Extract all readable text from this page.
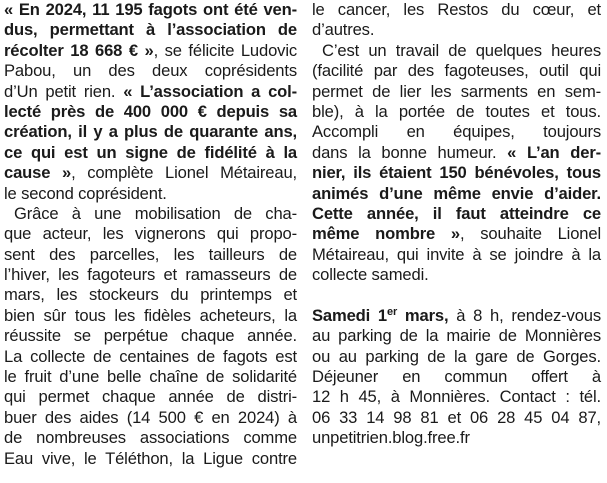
« En 2024, 11 195 fagots ont été ven-
dus, permettant à l’association de
récolter 18 668 € », se félicite Ludovic
Pabou, un des deux coprésidents
d’Un petit rien. « L’association a col-
lecté près de 400 000 € depuis sa
création, il y a plus de quarante ans,
ce qui est un signe de fidélité à la
cause », complète Lionel Métaireau,
le second coprésident.
Grâce à une mobilisation de cha-
que acteur, les vignerons qui propo-
sent des parcelles, les tailleurs de
l’hiver, les fagoteurs et ramasseurs de
mars, les stockeurs du printemps et
bien sûr tous les fidèles acheteurs, la
réussite se perpétue chaque année.
La collecte de centaines de fagots est
le fruit d’une belle chaîne de solidarité
qui permet chaque année de distri-
buer des aides (14 500 € en 2024) à
de nombreuses associations comme
Eau vive, le Téléthon, la Ligue contre
le cancer, les Restos du cœur, et
d’autres.
C’est un travail de quelques heures
(facilité par des fagoteuses, outil qui
permet de lier les sarments en sem-
ble), à la portée de toutes et tous.
Accompli en équipes, toujours
dans la bonne humeur. « L’an der-
nier, ils étaient 150 bénévoles, tous
animés d’une même envie d’aider.
Cette année, il faut atteindre ce
même nombre », souhaite Lionel
Métaireau, qui invite à se joindre à la
collecte samedi.
Samedi 1er mars, à 8 h, rendez-vous
au parking de la mairie de Monnières
ou au parking de la gare de Gorges.
Déjeuner en commun offert à
12 h 45, à Monnières. Contact : tél.
06 33 14 98 81 et 06 28 45 04 87,
unpetitrien.blog.free.fr
